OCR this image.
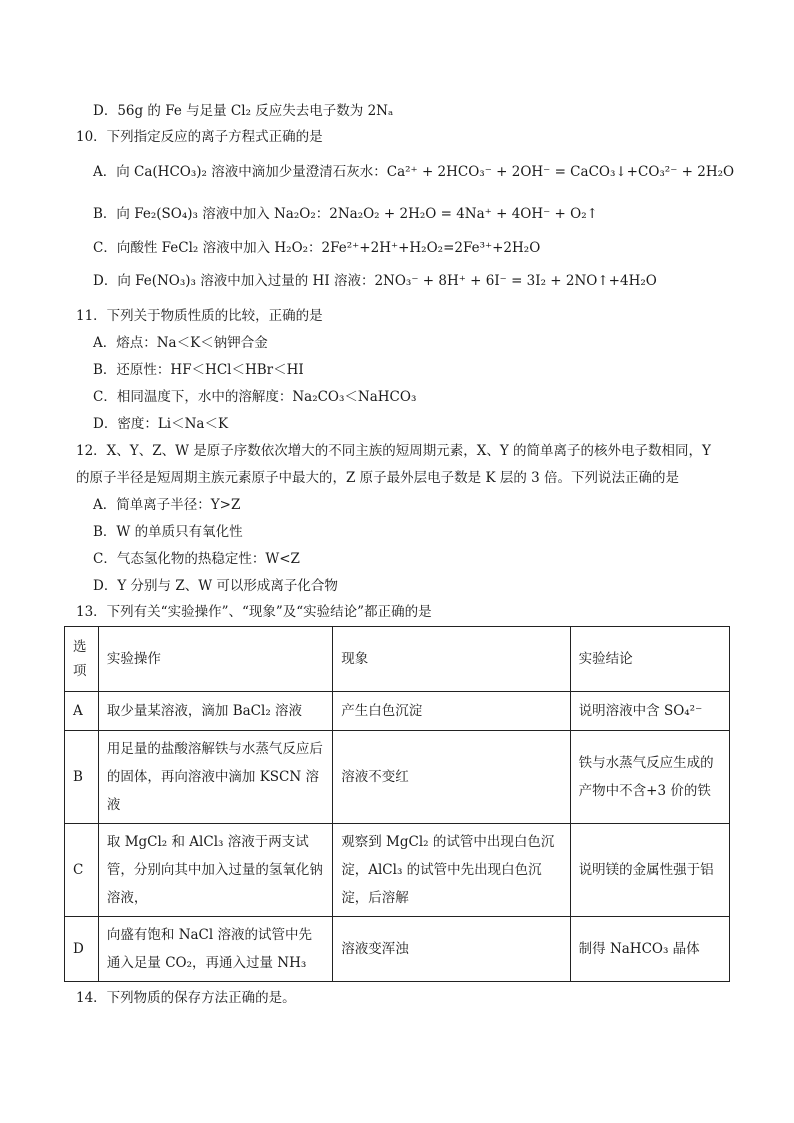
D．56g 的 Fe 与足量 Cl₂ 反应失去电子数为 2Nₐ
10．下列指定反应的离子方程式正确的是
A．向 Ca(HCO₃)₂ 溶液中滴加少量澄清石灰水：Ca²⁺ + 2HCO₃⁻ + 2OH⁻ = CaCO₃↓+CO₃²⁻ + 2H₂O
B．向 Fe₂(SO₄)₃ 溶液中加入 Na₂O₂：2Na₂O₂ + 2H₂O = 4Na⁺ + 4OH⁻ + O₂↑
C．向酸性 FeCl₂ 溶液中加入 H₂O₂：2Fe²⁺+2H⁺+H₂O₂=2Fe³⁺+2H₂O
D．向 Fe(NO₃)₃ 溶液中加入过量的 HI 溶液：2NO₃⁻ + 8H⁺ + 6I⁻ = 3I₂ + 2NO↑+4H₂O
11．下列关于物质性质的比较，正确的是
A．熔点：Na＜K＜钠钾合金
B．还原性：HF＜HCl＜HBr＜HI
C．相同温度下，水中的溶解度：Na₂CO₃＜NaHCO₃
D．密度：Li＜Na＜K
12．X、Y、Z、W 是原子序数依次增大的不同主族的短周期元素，X、Y 的简单离子的核外电子数相同，Y
的原子半径是短周期主族元素原子中最大的，Z 原子最外层电子数是 K 层的 3 倍。下列说法正确的是
A．简单离子半径：Y>Z
B．W 的单质只有氧化性
C．气态氢化物的热稳定性：W<Z
D．Y 分别与 Z、W 可以形成离子化合物
13．下列有关“实验操作”、“现象”及“实验结论”都正确的是
选项	实验操作	现象	实验结论
A	取少量某溶液，滴加 BaCl₂ 溶液	产生白色沉淀	说明溶液中含 SO₄²⁻
B	用足量的盐酸溶解铁与水蒸气反应后的固体，再向溶液中滴加 KSCN 溶液	溶液不变红	铁与水蒸气反应生成的产物中不含+3 价的铁
C	取 MgCl₂ 和 AlCl₃ 溶液于两支试管，分别向其中加入过量的氢氧化钠溶液，	观察到 MgCl₂ 的试管中出现白色沉淀，AlCl₃ 的试管中先出现白色沉淀，后溶解	说明镁的金属性强于铝
D	向盛有饱和 NaCl 溶液的试管中先通入足量 CO₂，再通入过量 NH₃	溶液变浑浊	制得 NaHCO₃ 晶体
14．下列物质的保存方法正确的是。
